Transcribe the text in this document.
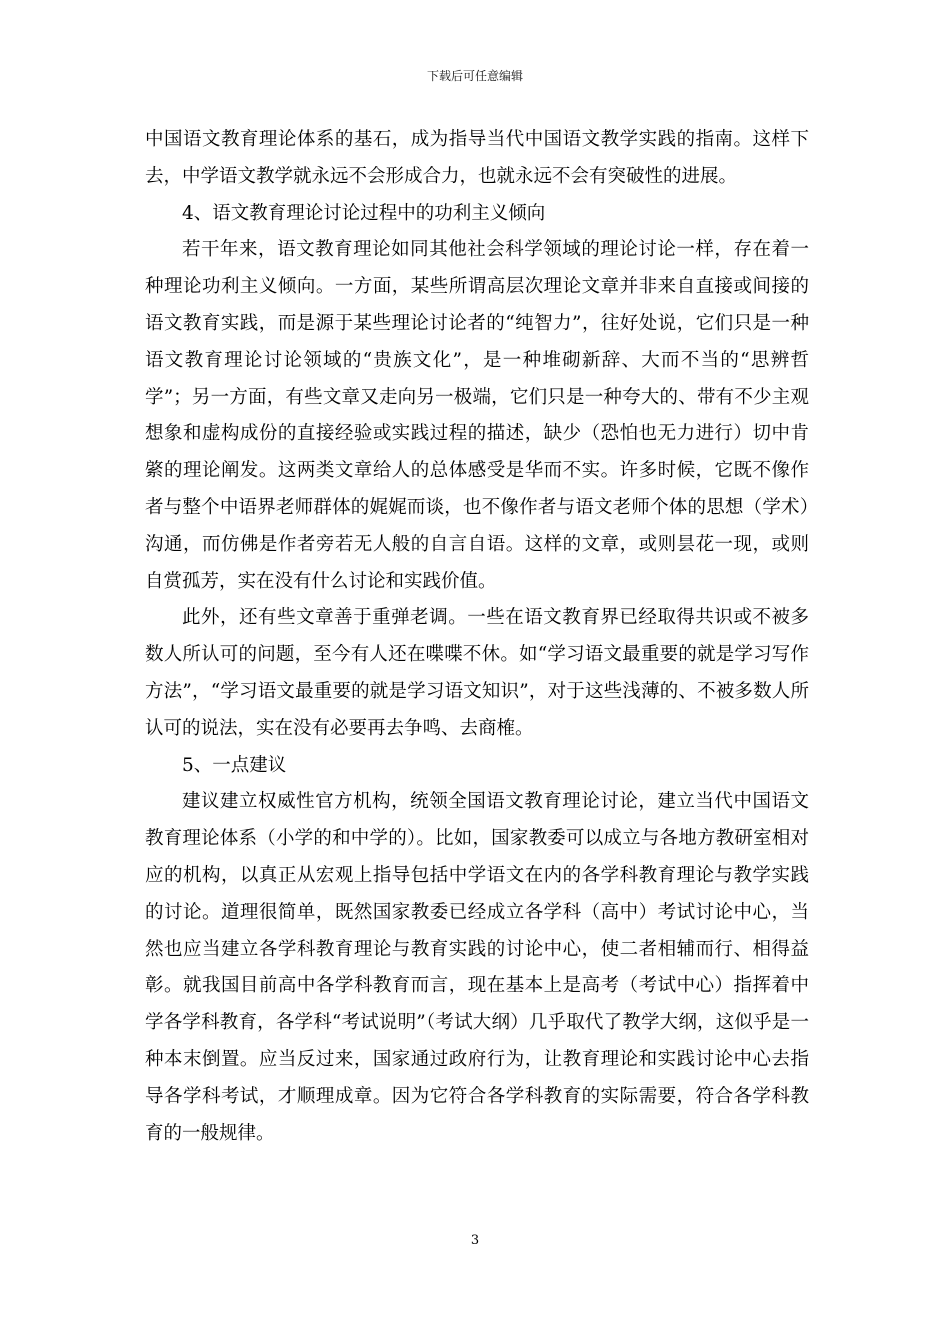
下载后可任意编辑

中国语文教育理论体系的基石，成为指导当代中国语文教学实践的指南。这样下去，中学语文教学就永远不会形成合力，也就永远不会有突破性的进展。

4、语文教育理论讨论过程中的功利主义倾向

若干年来，语文教育理论如同其他社会科学领域的理论讨论一样，存在着一种理论功利主义倾向。一方面，某些所谓高层次理论文章并非来自直接或间接的语文教育实践，而是源于某些理论讨论者的“纯智力”，往好处说，它们只是一种语文教育理论讨论领域的“贵族文化”，是一种堆砌新辞、大而不当的“思辨哲学”；另一方面，有些文章又走向另一极端，它们只是一种夸大的、带有不少主观想象和虚构成份的直接经验或实践过程的描述，缺少（恐怕也无力进行）切中肯綮的理论阐发。这两类文章给人的总体感受是华而不实。许多时候，它既不像作者与整个中语界老师群体的娓娓而谈，也不像作者与语文老师个体的思想（学术）沟通，而仿佛是作者旁若无人般的自言自语。这样的文章，或则昙花一现，或则自赏孤芳，实在没有什么讨论和实践价值。

此外，还有些文章善于重弹老调。一些在语文教育界已经取得共识或不被多数人所认可的问题，至今有人还在喋喋不休。如“学习语文最重要的就是学习写作方法”，“学习语文最重要的就是学习语文知识”，对于这些浅薄的、不被多数人所认可的说法，实在没有必要再去争鸣、去商榷。

5、一点建议

建议建立权威性官方机构，统领全国语文教育理论讨论，建立当代中国语文教育理论体系（小学的和中学的）。比如，国家教委可以成立与各地方教研室相对应的机构，以真正从宏观上指导包括中学语文在内的各学科教育理论与教学实践的讨论。道理很简单，既然国家教委已经成立各学科（高中）考试讨论中心，当然也应当建立各学科教育理论与教育实践的讨论中心，使二者相辅而行、相得益彰。就我国目前高中各学科教育而言，现在基本上是高考（考试中心）指挥着中学各学科教育，各学科“考试说明”（考试大纲）几乎取代了教学大纲，这似乎是一种本末倒置。应当反过来，国家通过政府行为，让教育理论和实践讨论中心去指导各学科考试，才顺理成章。因为它符合各学科教育的实际需要，符合各学科教育的一般规律。

3
